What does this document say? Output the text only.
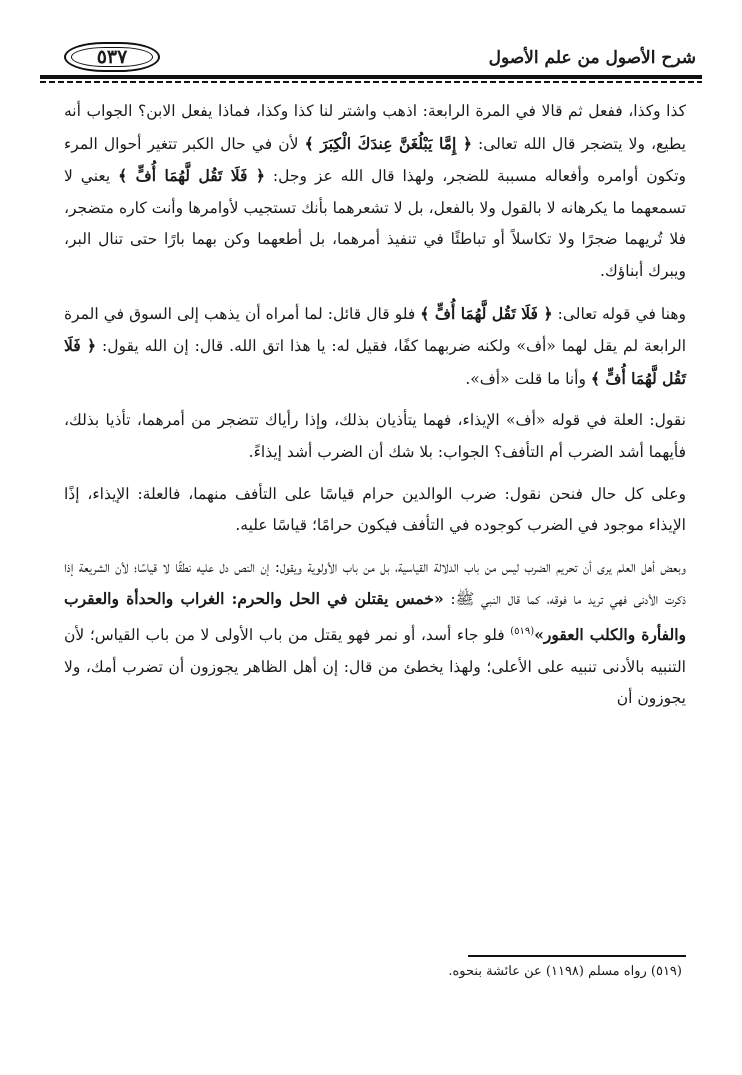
٥٣٧	شرح الأصول من علم الأصول

كذا وكذا، ففعل ثم قالا في المرة الرابعة: اذهب واشتر لنا كذا وكذا، فماذا يفعل الابن؟ الجواب أنه يطيع، ولا يتضجر قال الله تعالى: ﴿ إِمَّا يَبْلُغَنَّ عِندَكَ الْكِبَرَ ﴾ لأن في حال الكبر تتغير أحوال المرء وتكون أوامره وأفعاله مسببة للضجر، ولهذا قال الله عز وجل: ﴿ فَلَا تَقُل لَّهُمَا أُفٍّ ﴾ يعني لا تسمعهما ما يكرهانه لا بالقول ولا بالفعل، بل لا تشعرهما بأنك تستجيب لأوامرها وأنت كاره متضجر، فلا تُريهما ضجرًا ولا تكاسلاً أو تباطئًا في تنفيذ أمرهما، بل أطعهما وكن بهما بارًا حتى تنال البر، ويبرك أبناؤك.

وهنا في قوله تعالى: ﴿ فَلَا تَقُل لَّهُمَا أُفٍّ ﴾ فلو قال قائل: لما أمراه أن يذهب إلى السوق في المرة الرابعة لم يقل لهما «أف» ولكنه ضربهما كفًا، فقيل له: يا هذا اتق الله. قال: إن الله يقول: ﴿ فَلَا تَقُل لَّهُمَا أُفٍّ ﴾ وأنا ما قلت «أف».

نقول: العلة في قوله «أف» الإيذاء، فهما يتأذيان بذلك، وإذا رأياك تتضجر من أمرهما، تأذيا بذلك، فأيهما أشد الضرب أم التأفف؟ الجواب: بلا شك أن الضرب أشد إيذاءً.

وعلى كل حال فنحن نقول: ضرب الوالدين حرام قياسًا على التأفف منهما، فالعلة: الإيذاء، إذًا الإيذاء موجود في الضرب كوجوده في التأفف فيكون حرامًا؛ قياسًا عليه.

وبعض أهل العلم يرى أن تحريم الضرب ليس من باب الدلالة القياسية، بل من باب الأولوية ويقول: إن النص دل عليه نطقًا لا قياسًا؛ لأن الشريعة إذا ذكرت الأدنى فهي تريد ما فوقه، كما قال النبي ﷺ: «خمس يقتلن في الحل والحرم: الغراب والحدأة والعقرب والفأرة والكلب العقور»$^{(٥١٩)}$ فلو جاء أسد، أو نمر فهو يقتل من باب الأولى لا من باب القياس؛ لأن التنبيه بالأدنى تنبيه على الأعلى؛ ولهذا يخطئ من قال: إن أهل الظاهر يجوزون أن تضرب أمك، ولا يجوزون أن

(٥١٩) رواه مسلم (١١٩٨) عن عائشة بنحوه.
